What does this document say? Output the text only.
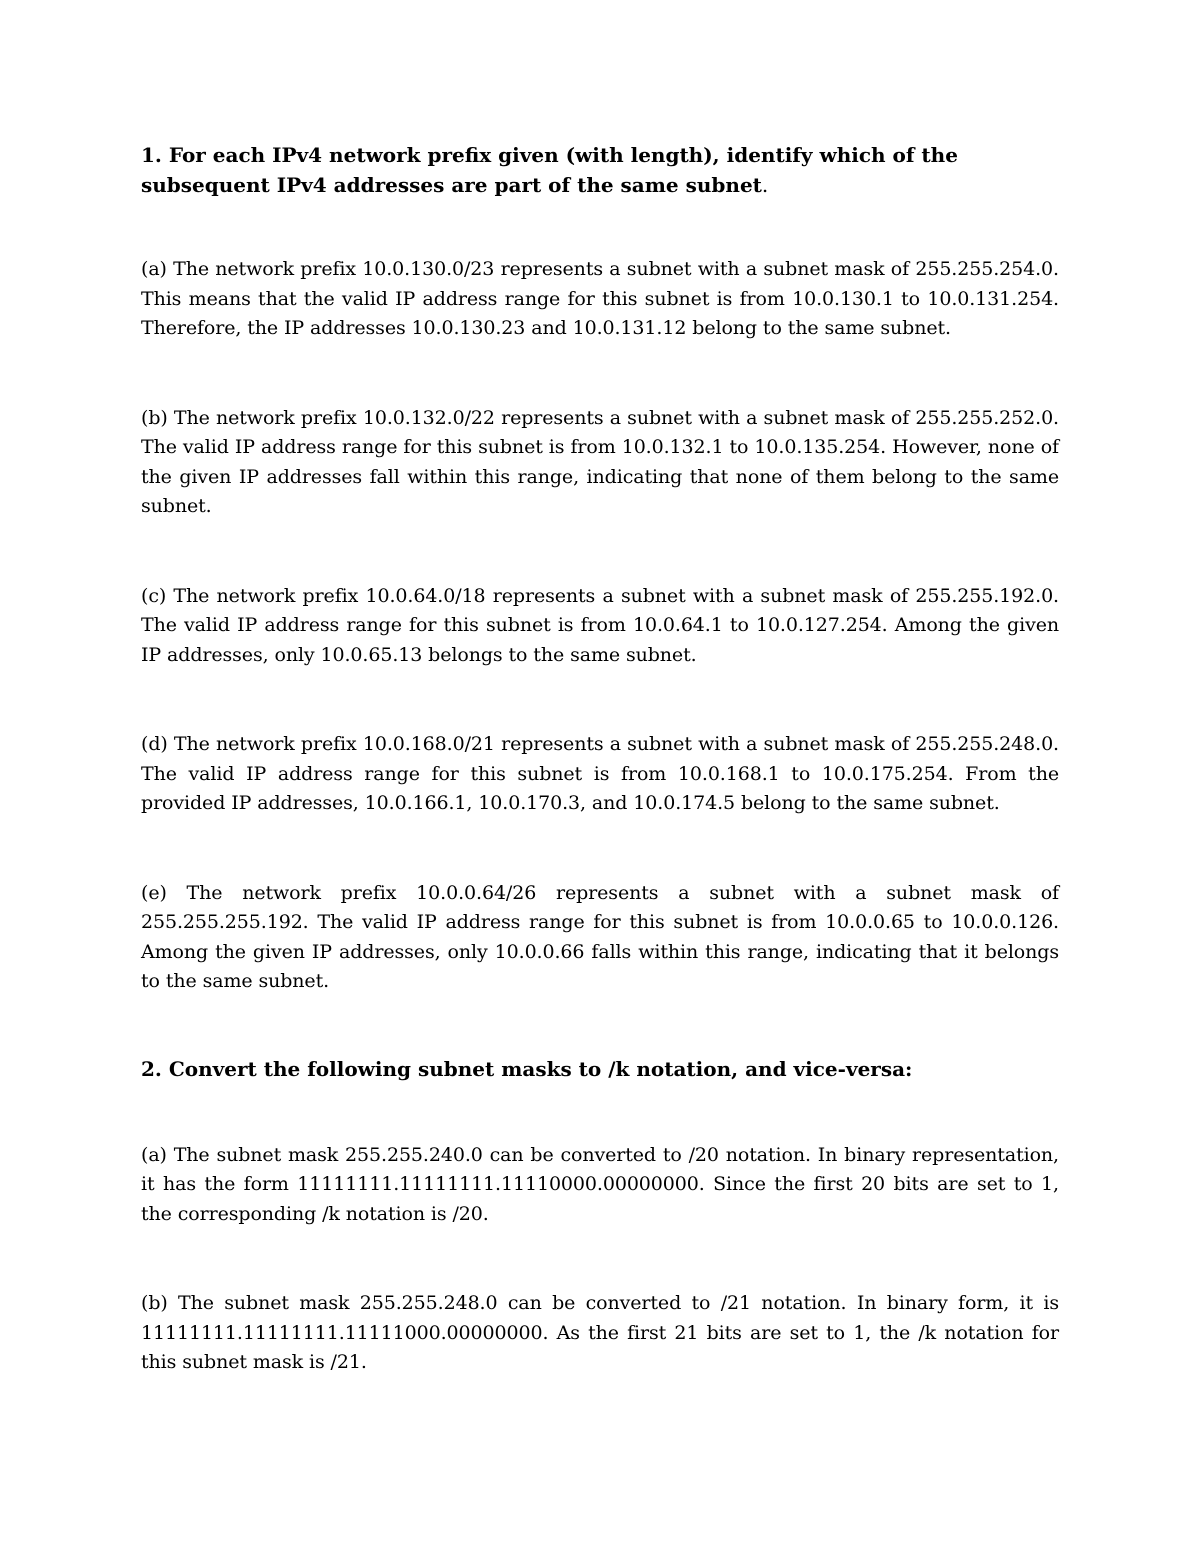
1. For each IPv4 network prefix given (with length), identify which of the subsequent IPv4 addresses are part of the same subnet.

(a) The network prefix 10.0.130.0/23 represents a subnet with a subnet mask of 255.255.254.0. This means that the valid IP address range for this subnet is from 10.0.130.1 to 10.0.131.254. Therefore, the IP addresses 10.0.130.23 and 10.0.131.12 belong to the same subnet.

(b) The network prefix 10.0.132.0/22 represents a subnet with a subnet mask of 255.255.252.0. The valid IP address range for this subnet is from 10.0.132.1 to 10.0.135.254. However, none of the given IP addresses fall within this range, indicating that none of them belong to the same subnet.

(c) The network prefix 10.0.64.0/18 represents a subnet with a subnet mask of 255.255.192.0. The valid IP address range for this subnet is from 10.0.64.1 to 10.0.127.254. Among the given IP addresses, only 10.0.65.13 belongs to the same subnet.

(d) The network prefix 10.0.168.0/21 represents a subnet with a subnet mask of 255.255.248.0. The valid IP address range for this subnet is from 10.0.168.1 to 10.0.175.254. From the provided IP addresses, 10.0.166.1, 10.0.170.3, and 10.0.174.5 belong to the same subnet.

(e) The network prefix 10.0.0.64/26 represents a subnet with a subnet mask of 255.255.255.192. The valid IP address range for this subnet is from 10.0.0.65 to 10.0.0.126. Among the given IP addresses, only 10.0.0.66 falls within this range, indicating that it belongs to the same subnet.

2. Convert the following subnet masks to /k notation, and vice-versa:

(a) The subnet mask 255.255.240.0 can be converted to /20 notation. In binary representation, it has the form 11111111.11111111.11110000.00000000. Since the first 20 bits are set to 1, the corresponding /k notation is /20.

(b) The subnet mask 255.255.248.0 can be converted to /21 notation. In binary form, it is 11111111.11111111.11111000.00000000. As the first 21 bits are set to 1, the /k notation for this subnet mask is /21.
